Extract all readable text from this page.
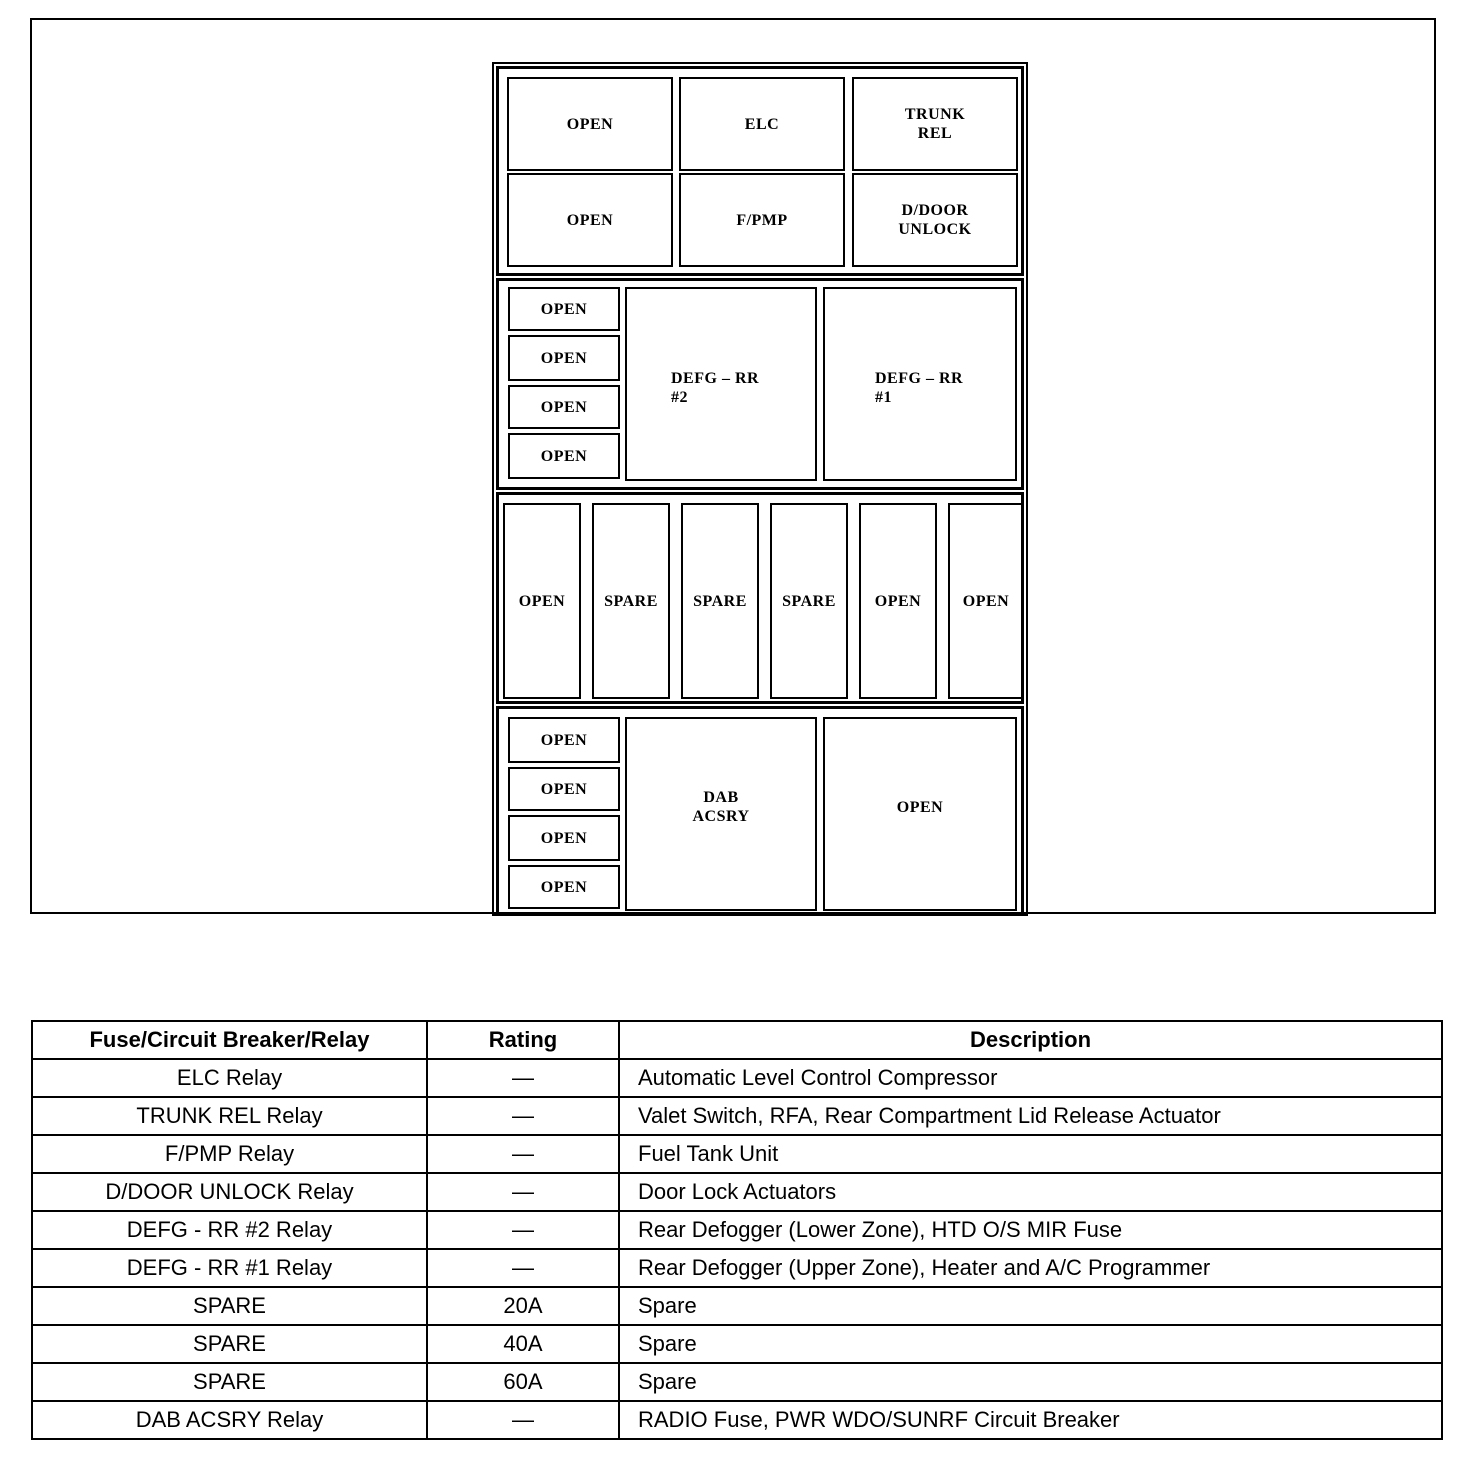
OPEN	ELC
TRUNK
REL
OPEN	F/PMP
D/DOOR
UNLOCK
OPEN
OPEN
OPEN
OPEN
DEFG – RR
#2
DEFG – RR
#1
OPEN	SPARE	SPARE	SPARE	OPEN	OPEN
OPEN
OPEN
OPEN
OPEN
DAB
ACSRY
OPEN
Fuse/Circuit Breaker/Relay	Rating	Description
ELC Relay	—	Automatic Level Control Compressor
TRUNK REL Relay	—	Valet Switch, RFA, Rear Compartment Lid Release Actuator
F/PMP Relay	—	Fuel Tank Unit
D/DOOR UNLOCK Relay	—	Door Lock Actuators
DEFG - RR #2 Relay	—	Rear Defogger (Lower Zone), HTD O/S MIR Fuse
DEFG - RR #1 Relay	—	Rear Defogger (Upper Zone), Heater and A/C Programmer
SPARE	20A	Spare
SPARE	40A	Spare
SPARE	60A	Spare
DAB ACSRY Relay	—	RADIO Fuse, PWR WDO/SUNRF Circuit Breaker
